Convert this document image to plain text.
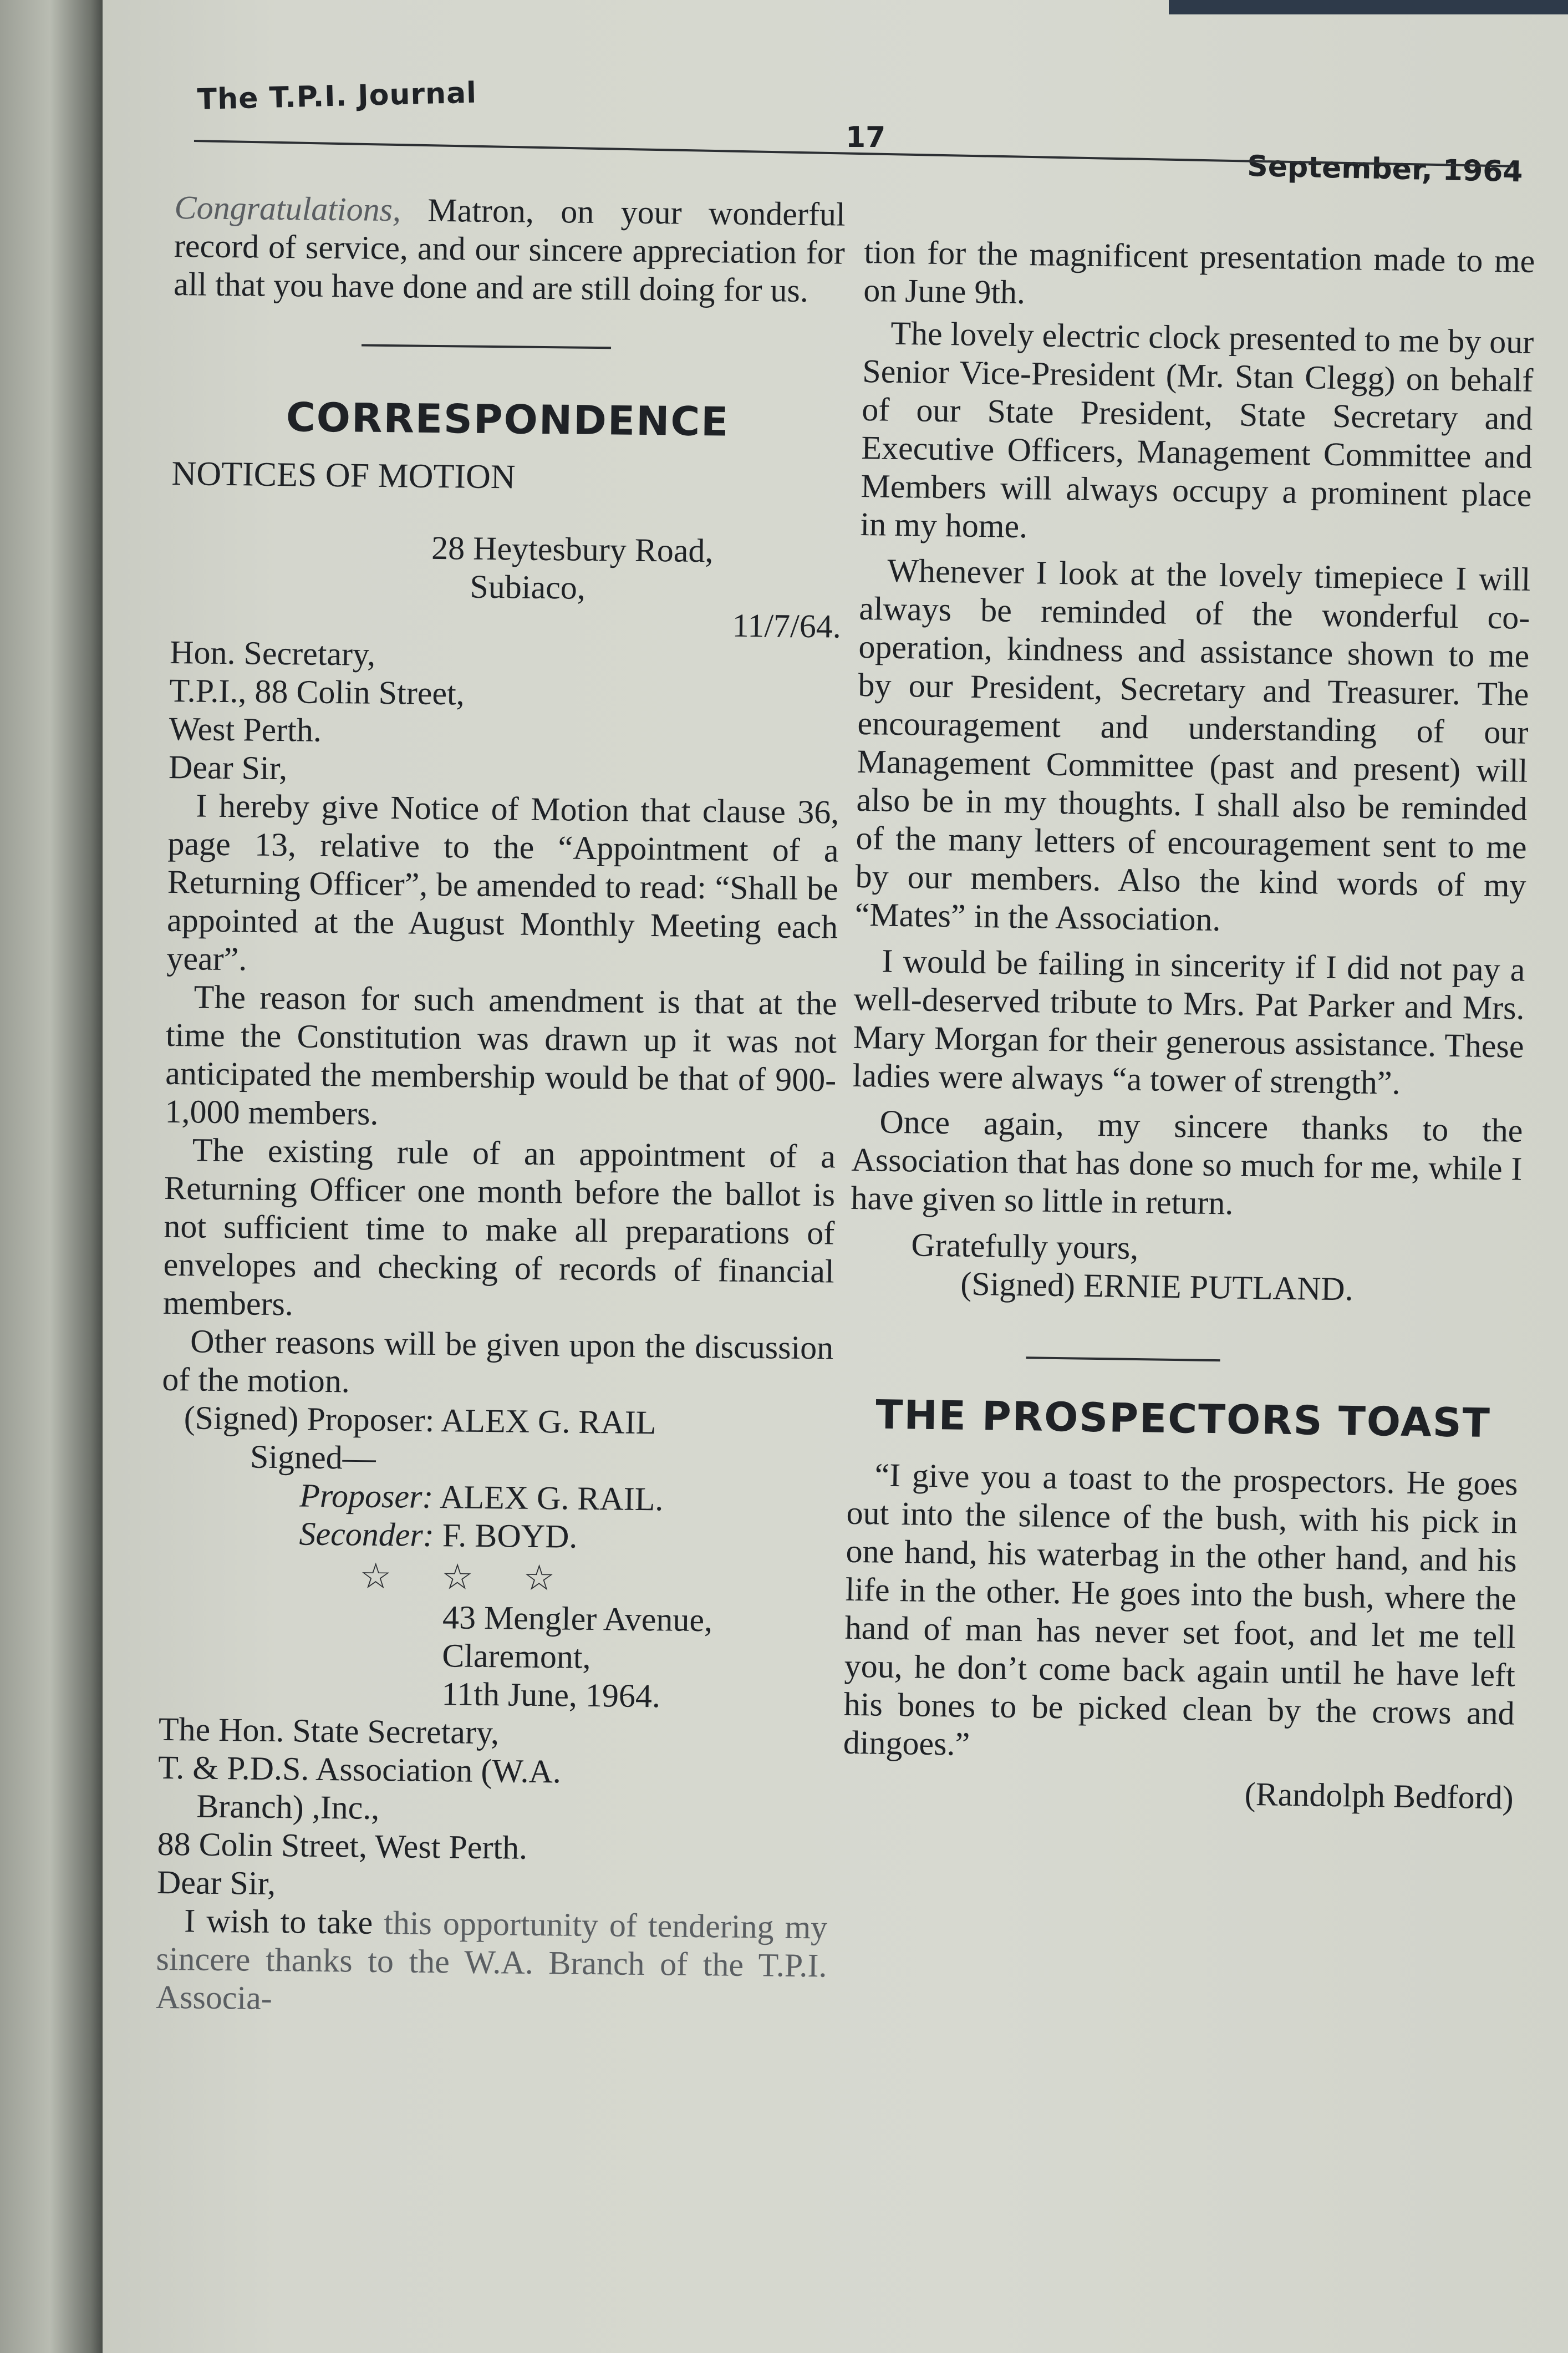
The T.P.I. Journal
17
September, 1964

Congratulations, Matron, on your wonderful record of service, and our sincere appreciation for all that you have done and are still doing for us.

CORRESPONDENCE
NOTICES OF MOTION
28 Heytesbury Road,
Subiaco,
11/7/64.
Hon. Secretary,
T.P.I., 88 Colin Street,
West Perth.
Dear Sir,

I hereby give Notice of Motion that clause 36, page 13, relative to the “Appointment of a Returning Officer”, be amended to read: “Shall be appointed at the August Monthly Meeting each year”.

The reason for such amendment is that at the time the Constitution was drawn up it was not anticipated the membership would be that of 900-1,000 members.

The existing rule of an appointment of a Returning Officer one month before the ballot is not sufficient time to make all preparations of envelopes and checking of records of financial members.

Other reasons will be given upon the discussion of the motion.

(Signed) Proposer: ALEX G. RAIL
Signed—
Proposer: ALEX G. RAIL.
Seconder: F. BOYD.
☆ ☆ ☆
43 Mengler Avenue,
Claremont,
11th June, 1964.
The Hon. State Secretary,
T. & P.D.S. Association (W.A.
Branch) ,Inc.,
88 Colin Street, West Perth.
Dear Sir,

I wish to take this opportunity of tendering my sincere thanks to the W.A. Branch of the T.P.I. Associa-

tion for the magnificent presentation made to me on June 9th.

The lovely electric clock presented to me by our Senior Vice-President (Mr. Stan Clegg) on behalf of our State President, State Secretary and Executive Officers, Management Committee and Members will always occupy a prominent place in my home.

Whenever I look at the lovely timepiece I will always be reminded of the wonderful co-operation, kindness and assistance shown to me by our President, Secretary and Treasurer. The encouragement and understanding of our Management Committee (past and present) will also be in my thoughts. I shall also be reminded of the many letters of encouragement sent to me by our members. Also the kind words of my “Mates” in the Association.

I would be failing in sincerity if I did not pay a well-deserved tribute to Mrs. Pat Parker and Mrs. Mary Morgan for their generous assistance. These ladies were always “a tower of strength”.

Once again, my sincere thanks to the Association that has done so much for me, while I have given so little in return.

Gratefully yours,
(Signed) ERNIE PUTLAND.
THE PROSPECTORS TOAST

“I give you a toast to the prospectors. He goes out into the silence of the bush, with his pick in one hand, his waterbag in the other hand, and his life in the other. He goes into the bush, where the hand of man has never set foot, and let me tell you, he don’t come back again until he have left his bones to be picked clean by the crows and dingoes.”

(Randolph Bedford)
